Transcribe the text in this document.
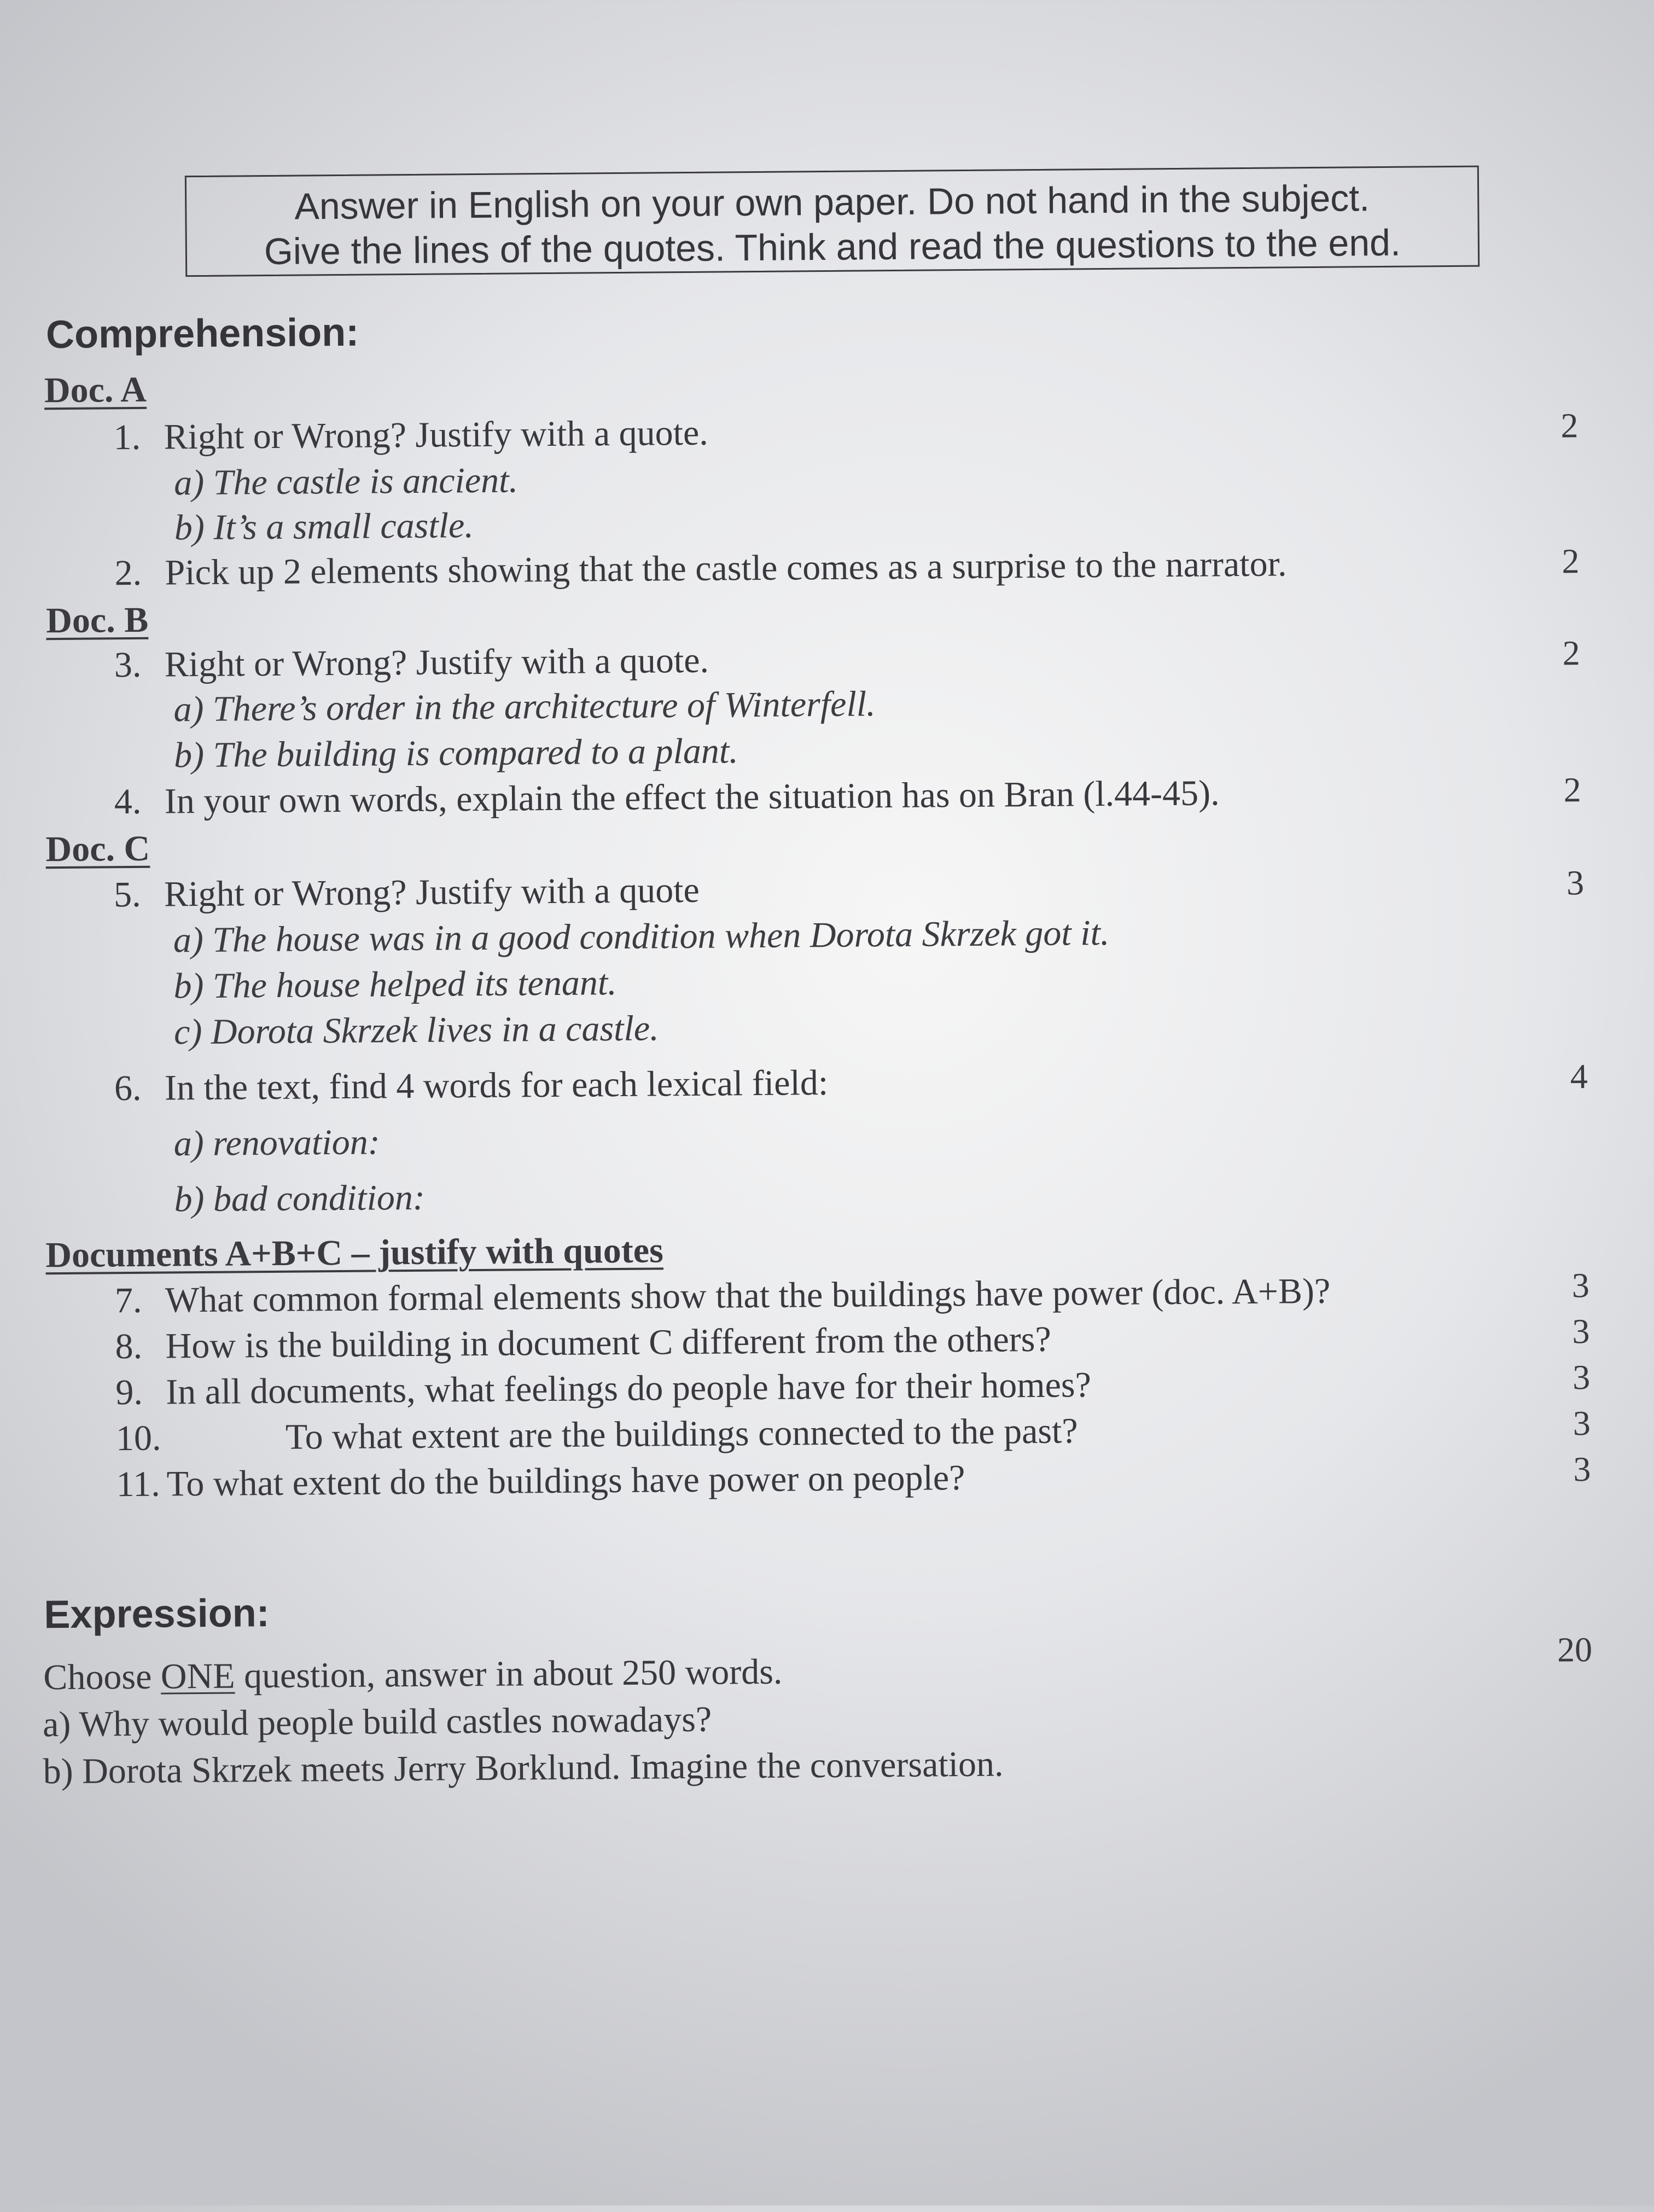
Answer in English on your own paper. Do not hand in the subject.
Give the lines of the quotes. Think and read the questions to the end.
Comprehension:
Doc. A
1. Right or Wrong? Justify with a quote.	2
a) The castle is ancient.
b) It’s a small castle.
2. Pick up 2 elements showing that the castle comes as a surprise to the narrator.	2
Doc. B
3. Right or Wrong? Justify with a quote.	2
a) There’s order in the architecture of Winterfell.
b) The building is compared to a plant.
4. In your own words, explain the effect the situation has on Bran (l.44-45).	2
Doc. C
5. Right or Wrong? Justify with a quote	3
a) The house was in a good condition when Dorota Skrzek got it.
b) The house helped its tenant.
c) Dorota Skrzek lives in a castle.
6. In the text, find 4 words for each lexical field:	4
a) renovation:
b) bad condition:
Documents A+B+C – justify with quotes
7. What common formal elements show that the buildings have power (doc. A+B)?	3
8. How is the building in document C different from the others?	3
9. In all documents, what feelings do people have for their homes?	3
10.	To what extent are the buildings connected to the past?	3
11. To what extent do the buildings have power on people?	3
Expression:
20
Choose ONE question, answer in about 250 words.
a) Why would people build castles nowadays?
b) Dorota Skrzek meets Jerry Borklund. Imagine the conversation.
